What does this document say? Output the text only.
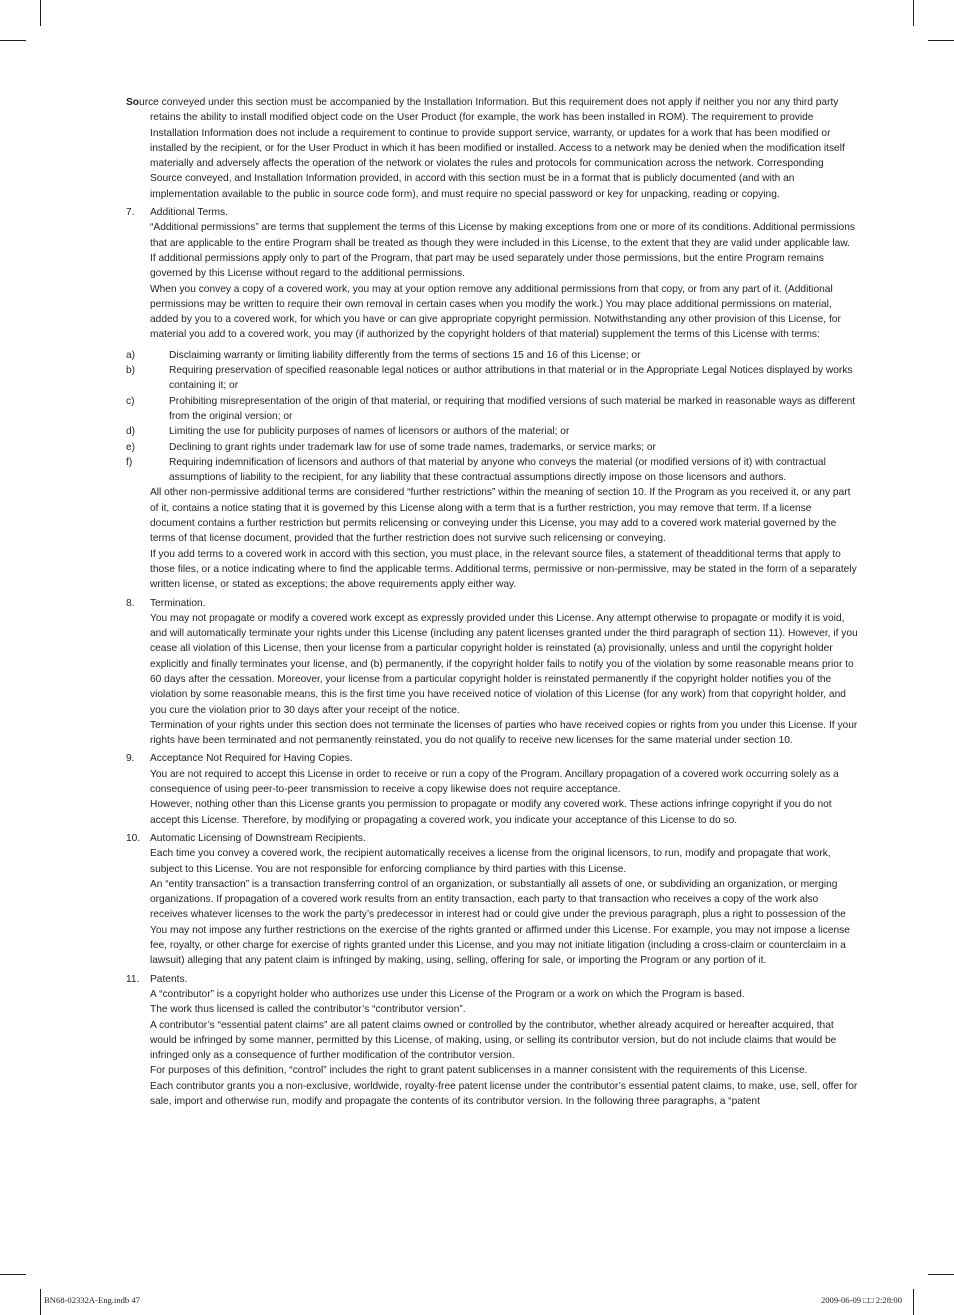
Source conveyed under this section must be accompanied by the Installation Information. But this requirement does not apply if neither you nor any third party retains the ability to install modified object code on the User Product (for example, the work has been installed in ROM). The requirement to provide Installation Information does not include a requirement to continue to provide support service, warranty, or updates for a work that has been modified or installed by the recipient, or for the User Product in which it has been modified or installed. Access to a network may be denied when the modification itself materially and adversely affects the operation of the network or violates the rules and protocols for communication across the network. Corresponding Source conveyed, and Installation Information provided, in accord with this section must be in a format that is publicly documented (and with an implementation available to the public in source code form), and must require no special password or key for unpacking, reading or copying.

7. Additional Terms.

“Additional permissions” are terms that supplement the terms of this License by making exceptions from one or more of its conditions. Additional permissions that are applicable to the entire Program shall be treated as though they were included in this License, to the extent that they are valid under applicable law. If additional permissions apply only to part of the Program, that part may be used separately under those permissions, but the entire Program remains governed by this License without regard to the additional permissions.

When you convey a copy of a covered work, you may at your option remove any additional permissions from that copy, or from any part of it. (Additional permissions may be written to require their own removal in certain cases when you modify the work.) You may place additional permissions on material, added by you to a covered work, for which you have or can give appropriate copyright permission. Notwithstanding any other provision of this License, for material you add to a covered work, you may (if authorized by the copyright holders of that material) supplement the terms of this License with terms:

a)	Disclaiming warranty or limiting liability differently from the terms of sections 15 and 16 of this License; or
b)	Requiring preservation of specified reasonable legal notices or author attributions in that material or in the Appropriate Legal Notices displayed by works containing it; or
c)	Prohibiting misrepresentation of the origin of that material, or requiring that modified versions of such material be marked in reasonable ways as different from the original version; or
d)	Limiting the use for publicity purposes of names of licensors or authors of the material; or
e)	Declining to grant rights under trademark law for use of some trade names, trademarks, or service marks; or
f)	Requiring indemnification of licensors and authors of that material by anyone who conveys the material (or modified versions of it) with contractual assumptions of liability to the recipient, for any liability that these contractual assumptions directly impose on those licensors and authors.

All other non-permissive additional terms are considered “further restrictions” within the meaning of section 10. If the Program as you received it, or any part of it, contains a notice stating that it is governed by this License along with a term that is a further restriction, you may remove that term. If a license document contains a further restriction but permits relicensing or conveying under this License, you may add to a covered work material governed by the terms of that license document, provided that the further restriction does not survive such relicensing or conveying.

If you add terms to a covered work in accord with this section, you must place, in the relevant source files, a statement of theadditional terms that apply to those files, or a notice indicating where to find the applicable terms. Additional terms, permissive or non-permissive, may be stated in the form of a separately written license, or stated as exceptions; the above requirements apply either way.

8. Termination.

You may not propagate or modify a covered work except as expressly provided under this License. Any attempt otherwise to propagate or modify it is void, and will automatically terminate your rights under this License (including any patent licenses granted under the third paragraph of section 11). However, if you cease all violation of this License, then your license from a particular copyright holder is reinstated (a) provisionally, unless and until the copyright holder explicitly and finally terminates your license, and (b) permanently, if the copyright holder fails to notify you of the violation by some reasonable means prior to 60 days after the cessation. Moreover, your license from a particular copyright holder is reinstated permanently if the copyright holder notifies you of the violation by some reasonable means, this is the first time you have received notice of violation of this License (for any work) from that copyright holder, and you cure the violation prior to 30 days after your receipt of the notice.

Termination of your rights under this section does not terminate the licenses of parties who have received copies or rights from you under this License. If your rights have been terminated and not permanently reinstated, you do not qualify to receive new licenses for the same material under section 10.

9. Acceptance Not Required for Having Copies.

You are not required to accept this License in order to receive or run a copy of the Program. Ancillary propagation of a covered work occurring solely as a consequence of using peer-to-peer transmission to receive a copy likewise does not require acceptance.

However, nothing other than this License grants you permission to propagate or modify any covered work. These actions infringe copyright if you do not accept this License. Therefore, by modifying or propagating a covered work, you indicate your acceptance of this License to do so.

10. Automatic Licensing of Downstream Recipients.

Each time you convey a covered work, the recipient automatically receives a license from the original licensors, to run, modify and propagate that work, subject to this License. You are not responsible for enforcing compliance by third parties with this License.

An “entity transaction” is a transaction transferring control of an organization, or substantially all assets of one, or subdividing an organization, or merging organizations. If propagation of a covered work results from an entity transaction, each party to that transaction who receives a copy of the work also receives whatever licenses to the work the party’s predecessor in interest had or could give under the previous paragraph, plus a right to possession of the You may not impose any further restrictions on the exercise of the rights granted or affirmed under this License. For example, you may not impose a license fee, royalty, or other charge for exercise of rights granted under this License, and you may not initiate litigation (including a cross-claim or counterclaim in a lawsuit) alleging that any patent claim is infringed by making, using, selling, offering for sale, or importing the Program or any portion of it.

11. Patents.

A “contributor” is a copyright holder who authorizes use under this License of the Program or a work on which the Program is based.

The work thus licensed is called the contributor’s “contributor version”.

A contributor’s “essential patent claims” are all patent claims owned or controlled by the contributor, whether already acquired or hereafter acquired, that would be infringed by some manner, permitted by this License, of making, using, or selling its contributor version, but do not include claims that would be infringed only as a consequence of further modification of the contributor version.

For purposes of this definition, “control” includes the right to grant patent sublicenses in a manner consistent with the requirements of this License.

Each contributor grants you a non-exclusive, worldwide, royalty-free patent license under the contributor’s essential patent claims, to make, use, sell, offer for sale, import and otherwise run, modify and propagate the contents of its contributor version. In the following three paragraphs, a “patent

BN68-02332A-Eng.indb 47	2009-06-09 □□ 2:28:00
